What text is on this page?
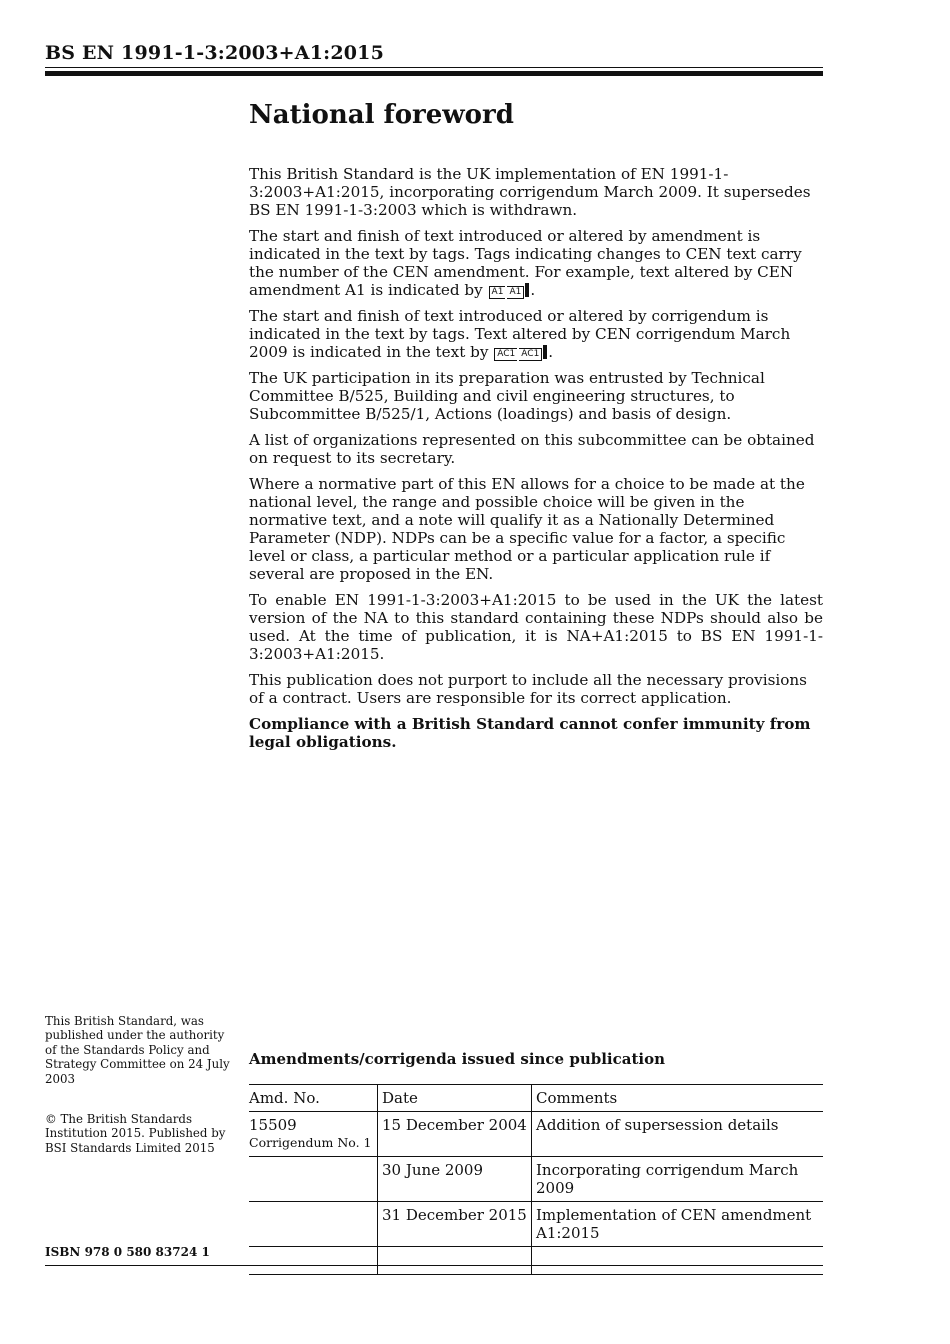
BS EN 1991-1-3:2003+A1:2015
National foreword

This British Standard is the UK implementation of EN 1991-1-3:2003+A1:2015, incorporating corrigendum March 2009. It supersedes BS EN 1991-1-3:2003 which is withdrawn.

The start and finish of text introduced or altered by amendment is indicated in the text by tags. Tags indicating changes to CEN text carry the number of the CEN amendment. For example, text altered by CEN amendment A1 is indicated by A1 A1 .

The start and finish of text introduced or altered by corrigendum is indicated in the text by tags. Text altered by CEN corrigendum March 2009 is indicated in the text by AC1 AC1 .

The UK participation in its preparation was entrusted by Technical Committee B/525, Building and civil engineering structures, to Subcommittee B/525/1, Actions (loadings) and basis of design.

A list of organizations represented on this subcommittee can be obtained on request to its secretary.

Where a normative part of this EN allows for a choice to be made at the national level, the range and possible choice will be given in the normative text, and a note will qualify it as a Nationally Determined Parameter (NDP). NDPs can be a specific value for a factor, a specific level or class, a particular method or a particular application rule if several are proposed in the EN.

To enable EN 1991-1-3:2003+A1:2015 to be used in the UK the latest version of the NA to this standard containing these NDPs should also be used. At the time of publication, it is NA+A1:2015 to BS EN 1991-1-3:2003+A1:2015.

This publication does not purport to include all the necessary provisions of a contract. Users are responsible for its correct application.

Compliance with a British Standard cannot confer immunity from legal obligations.

This British Standard, was published under the authority of the Standards Policy and Strategy Committee on 24 July 2003
© The British Standards Institution 2015. Published by BSI Standards Limited 2015
ISBN 978 0 580 83724 1
Amendments/corrigenda issued since publication
Amd. No.	Date	Comments
15509
Corrigendum No. 1	15 December 2004	Addition of supersession details
	30 June 2009	Incorporating corrigendum March 2009
	31 December 2015	Implementation of CEN amendment A1:2015
